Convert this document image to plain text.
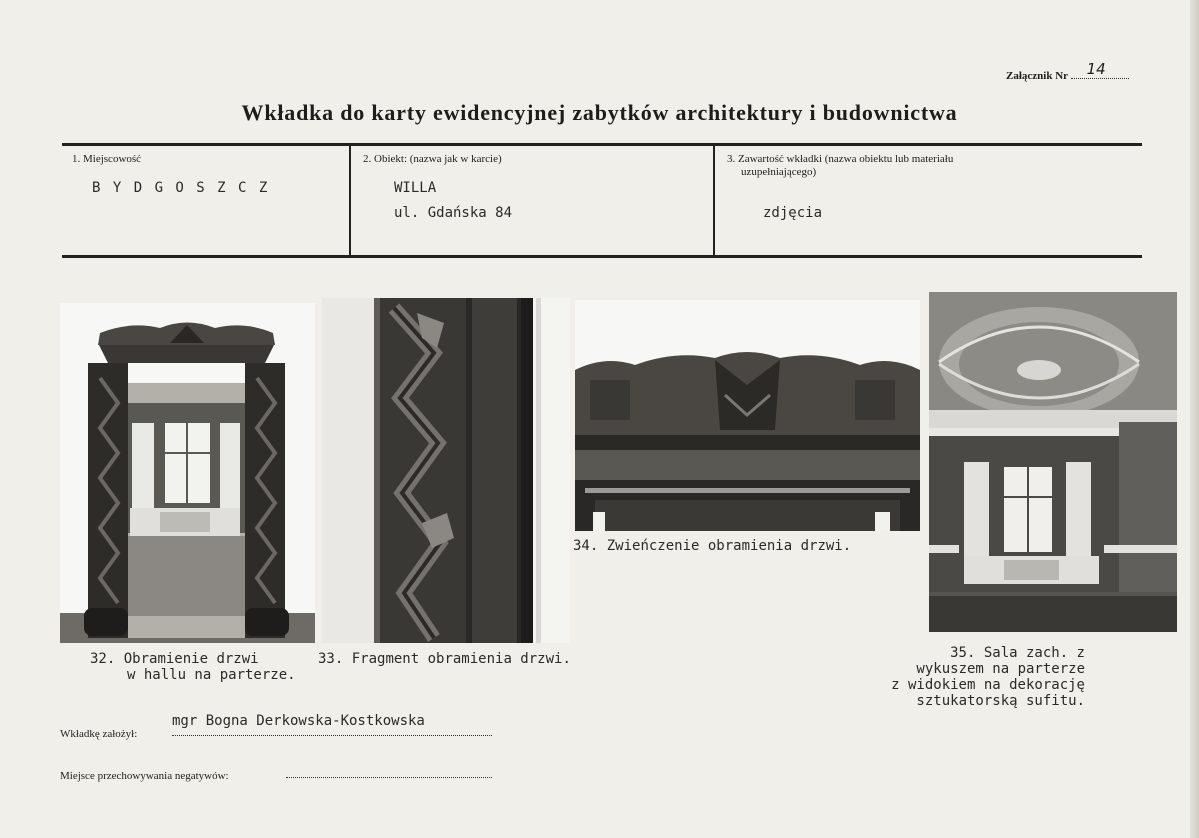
Załącznik Nr 14
Wkładka do karty ewidencyjnej zabytków architektury i budownictwa
1. Miejscowość
B Y D G O S Z C Z
2. Obiekt: (nazwa jak w karcie)
WILLA
ul. Gdańska 84
3. Zawartość wkładki (nazwa obiektu lub materiału
uzupełniającego)
zdjęcia
32. Obramienie drzwi
w hallu na parterze.
33. Fragment obramienia drzwi.
34. Zwieńczenie obramienia drzwi.
35. Sala zach. z
wykuszem na parterze
z widokiem na dekorację
sztukatorską sufitu.
Wkładkę założył:
mgr Bogna Derkowska-Kostkowska
Miejsce przechowywania negatywów:
